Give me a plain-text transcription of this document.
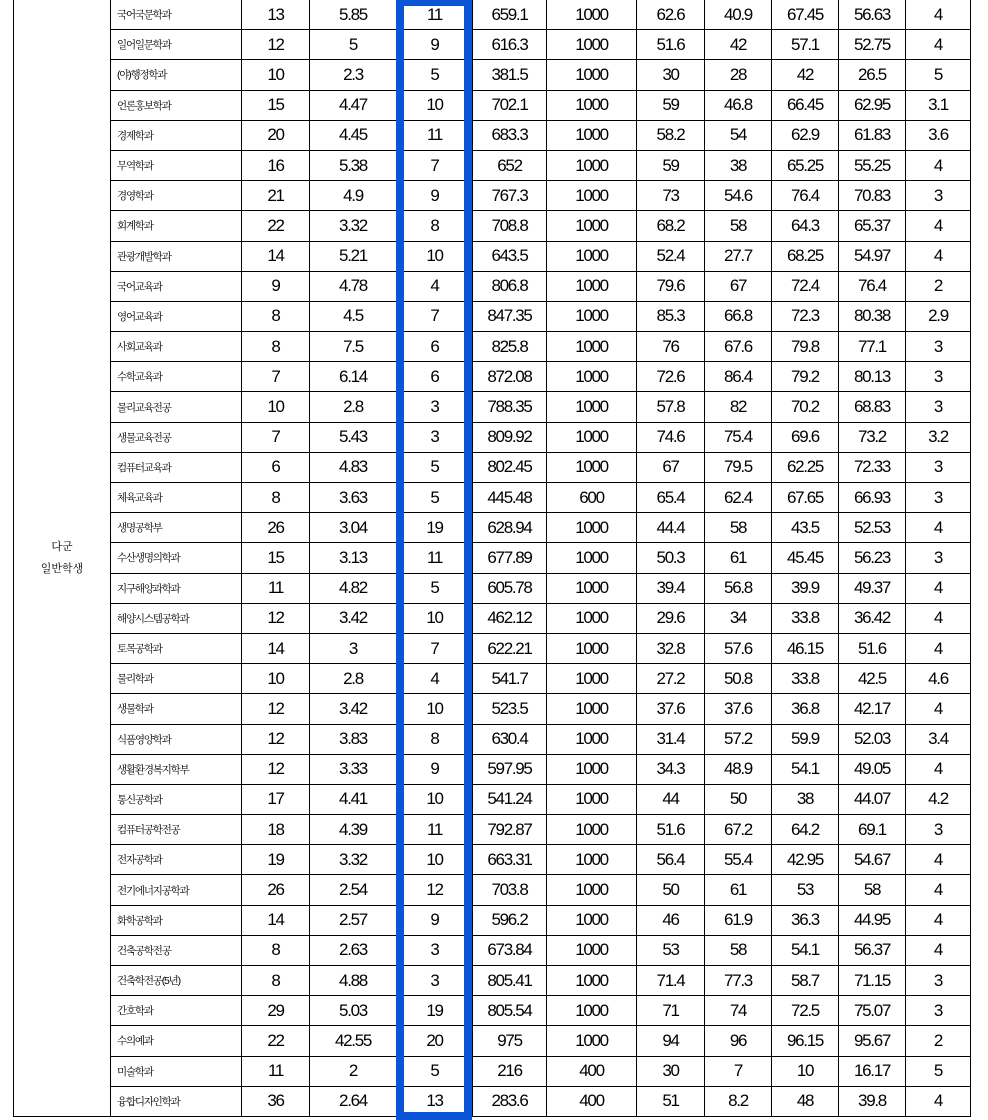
다군
일반학생	국어국문학과	13	5.85	11	659.1	1000	62.6	40.9	67.45	56.63	4
	일어일문학과	12	5	9	616.3	1000	51.6	42	57.1	52.75	4
	(야)행정학과	10	2.3	5	381.5	1000	30	28	42	26.5	5
	언론홍보학과	15	4.47	10	702.1	1000	59	46.8	66.45	62.95	3.1
	경제학과	20	4.45	11	683.3	1000	58.2	54	62.9	61.83	3.6
	무역학과	16	5.38	7	652	1000	59	38	65.25	55.25	4
	경영학과	21	4.9	9	767.3	1000	73	54.6	76.4	70.83	3
	회계학과	22	3.32	8	708.8	1000	68.2	58	64.3	65.37	4
	관광개발학과	14	5.21	10	643.5	1000	52.4	27.7	68.25	54.97	4
	국어교육과	9	4.78	4	806.8	1000	79.6	67	72.4	76.4	2
	영어교육과	8	4.5	7	847.35	1000	85.3	66.8	72.3	80.38	2.9
	사회교육과	8	7.5	6	825.8	1000	76	67.6	79.8	77.1	3
	수학교육과	7	6.14	6	872.08	1000	72.6	86.4	79.2	80.13	3
	물리교육전공	10	2.8	3	788.35	1000	57.8	82	70.2	68.83	3
	생물교육전공	7	5.43	3	809.92	1000	74.6	75.4	69.6	73.2	3.2
	컴퓨터교육과	6	4.83	5	802.45	1000	67	79.5	62.25	72.33	3
	체육교육과	8	3.63	5	445.48	600	65.4	62.4	67.65	66.93	3
	생명공학부	26	3.04	19	628.94	1000	44.4	58	43.5	52.53	4
	수산생명의학과	15	3.13	11	677.89	1000	50.3	61	45.45	56.23	3
	지구해양과학과	11	4.82	5	605.78	1000	39.4	56.8	39.9	49.37	4
	해양시스템공학과	12	3.42	10	462.12	1000	29.6	34	33.8	36.42	4
	토목공학과	14	3	7	622.21	1000	32.8	57.6	46.15	51.6	4
	물리학과	10	2.8	4	541.7	1000	27.2	50.8	33.8	42.5	4.6
	생물학과	12	3.42	10	523.5	1000	37.6	37.6	36.8	42.17	4
	식품영양학과	12	3.83	8	630.4	1000	31.4	57.2	59.9	52.03	3.4
	생활환경복지학부	12	3.33	9	597.95	1000	34.3	48.9	54.1	49.05	4
	통신공학과	17	4.41	10	541.24	1000	44	50	38	44.07	4.2
	컴퓨터공학전공	18	4.39	11	792.87	1000	51.6	67.2	64.2	69.1	3
	전자공학과	19	3.32	10	663.31	1000	56.4	55.4	42.95	54.67	4
	전기에너지공학과	26	2.54	12	703.8	1000	50	61	53	58	4
	화학공학과	14	2.57	9	596.2	1000	46	61.9	36.3	44.95	4
	건축공학전공	8	2.63	3	673.84	1000	53	58	54.1	56.37	4
	건축학전공(5년)	8	4.88	3	805.41	1000	71.4	77.3	58.7	71.15	3
	간호학과	29	5.03	19	805.54	1000	71	74	72.5	75.07	3
	수의예과	22	42.55	20	975	1000	94	96	96.15	95.67	2
	미술학과	11	2	5	216	400	30	7	10	16.17	5
	융합디자인학과	36	2.64	13	283.6	400	51	8.2	48	39.8	4
